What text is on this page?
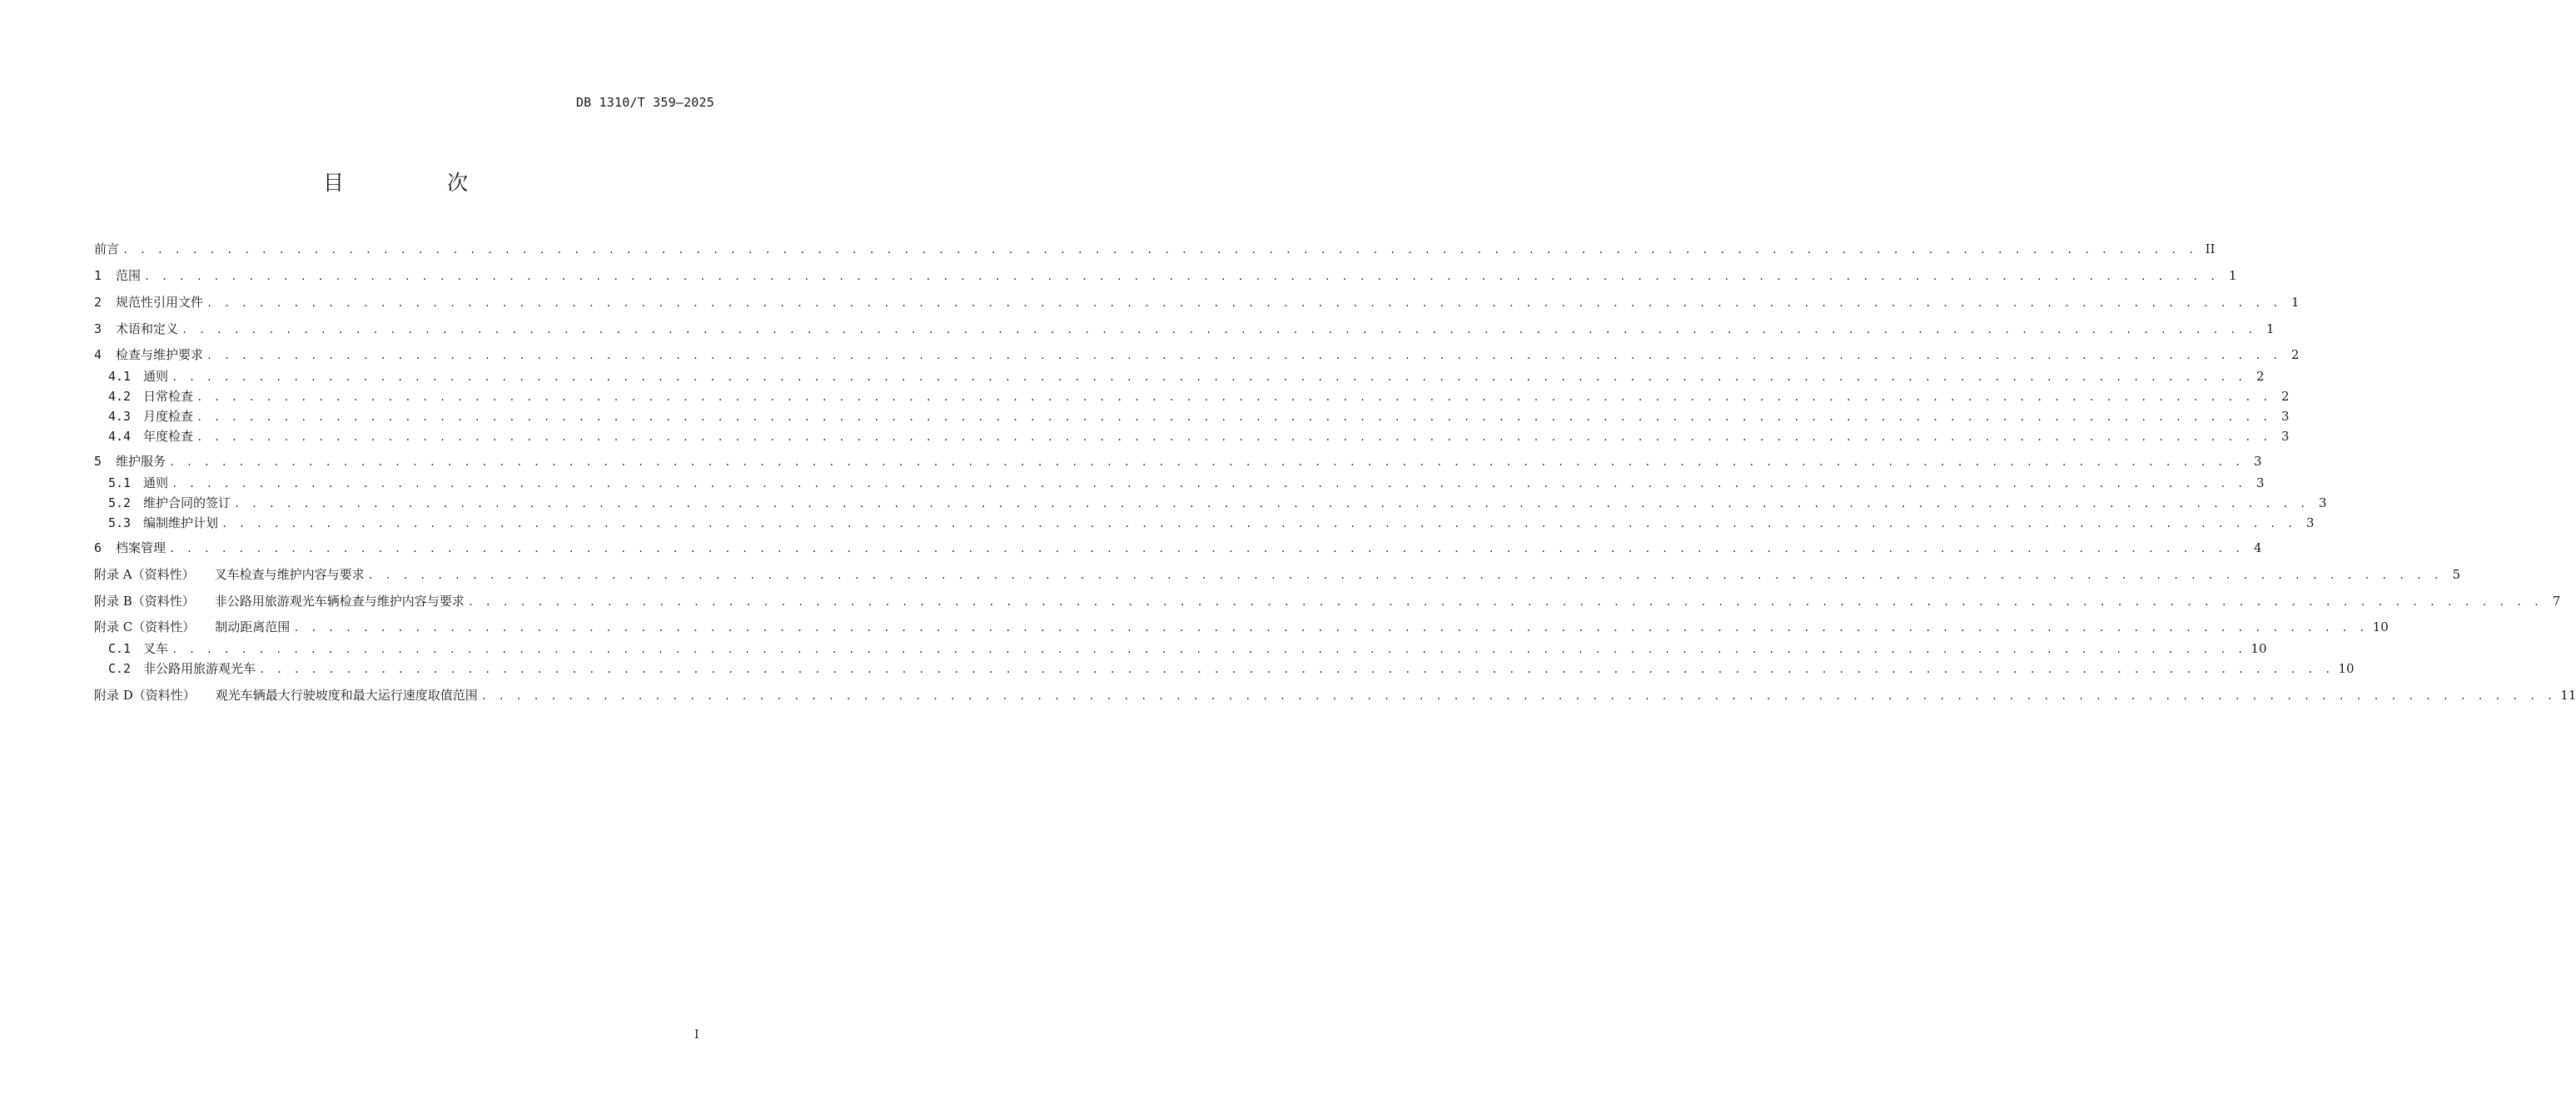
DB 1310/T 359—2025
目 次
前言 . . . . . . . . . . . . . . . . . . . . . . . . . . . . . . . . . . . . . . . . . . . . . . . . . . . . . . . . . . . . . . . . . . . . . . . . . . . . . . . . . . . . . . . . . . . . . . . . . . . . . . . . . . . . . . . . . . . . . . . . II
1	范围 . . . . . . . . . . . . . . . . . . . . . . . . . . . . . . . . . . . . . . . . . . . . . . . . . . . . . . . . . . . . . . . . . . . . . . . . . . . . . . . . . . . . . . . . . . . . . . . . . . . . . . . . . . . . . . . . . . . . . . . . 1
2	规范性引用文件 . . . . . . . . . . . . . . . . . . . . . . . . . . . . . . . . . . . . . . . . . . . . . . . . . . . . . . . . . . . . . . . . . . . . . . . . . . . . . . . . . . . . . . . . . . . . . . . . . . . . . . . . . . . . . . . . . . . . . . . . 1
3	术语和定义 . . . . . . . . . . . . . . . . . . . . . . . . . . . . . . . . . . . . . . . . . . . . . . . . . . . . . . . . . . . . . . . . . . . . . . . . . . . . . . . . . . . . . . . . . . . . . . . . . . . . . . . . . . . . . . . . . . . . . . . . 1
4	检查与维护要求 . . . . . . . . . . . . . . . . . . . . . . . . . . . . . . . . . . . . . . . . . . . . . . . . . . . . . . . . . . . . . . . . . . . . . . . . . . . . . . . . . . . . . . . . . . . . . . . . . . . . . . . . . . . . . . . . . . . . . . . . 2
4.1 通则 . . . . . . . . . . . . . . . . . . . . . . . . . . . . . . . . . . . . . . . . . . . . . . . . . . . . . . . . . . . . . . . . . . . . . . . . . . . . . . . . . . . . . . . . . . . . . . . . . . . . . . . . . . . . . . . . . . . . . . . . 2
4.2 日常检查 . . . . . . . . . . . . . . . . . . . . . . . . . . . . . . . . . . . . . . . . . . . . . . . . . . . . . . . . . . . . . . . . . . . . . . . . . . . . . . . . . . . . . . . . . . . . . . . . . . . . . . . . . . . . . . . . . . . . . . . . 2
4.3 月度检查 . . . . . . . . . . . . . . . . . . . . . . . . . . . . . . . . . . . . . . . . . . . . . . . . . . . . . . . . . . . . . . . . . . . . . . . . . . . . . . . . . . . . . . . . . . . . . . . . . . . . . . . . . . . . . . . . . . . . . . . . 3
4.4 年度检查 . . . . . . . . . . . . . . . . . . . . . . . . . . . . . . . . . . . . . . . . . . . . . . . . . . . . . . . . . . . . . . . . . . . . . . . . . . . . . . . . . . . . . . . . . . . . . . . . . . . . . . . . . . . . . . . . . . . . . . . . 3
5	维护服务 . . . . . . . . . . . . . . . . . . . . . . . . . . . . . . . . . . . . . . . . . . . . . . . . . . . . . . . . . . . . . . . . . . . . . . . . . . . . . . . . . . . . . . . . . . . . . . . . . . . . . . . . . . . . . . . . . . . . . . . . 3
5.1 通则 . . . . . . . . . . . . . . . . . . . . . . . . . . . . . . . . . . . . . . . . . . . . . . . . . . . . . . . . . . . . . . . . . . . . . . . . . . . . . . . . . . . . . . . . . . . . . . . . . . . . . . . . . . . . . . . . . . . . . . . . 3
5.2 维护合同的签订 . . . . . . . . . . . . . . . . . . . . . . . . . . . . . . . . . . . . . . . . . . . . . . . . . . . . . . . . . . . . . . . . . . . . . . . . . . . . . . . . . . . . . . . . . . . . . . . . . . . . . . . . . . . . . . . . . . . . . . . . 3
5.3 编制维护计划 . . . . . . . . . . . . . . . . . . . . . . . . . . . . . . . . . . . . . . . . . . . . . . . . . . . . . . . . . . . . . . . . . . . . . . . . . . . . . . . . . . . . . . . . . . . . . . . . . . . . . . . . . . . . . . . . . . . . . . . . 3
6	档案管理 . . . . . . . . . . . . . . . . . . . . . . . . . . . . . . . . . . . . . . . . . . . . . . . . . . . . . . . . . . . . . . . . . . . . . . . . . . . . . . . . . . . . . . . . . . . . . . . . . . . . . . . . . . . . . . . . . . . . . . . . 4
附录 A（资料性） 叉车检查与维护内容与要求 . . . . . . . . . . . . . . . . . . . . . . . . . . . . . . . . . . . . . . . . . . . . . . . . . . . . . . . . . . . . . . . . . . . . . . . . . . . . . . . . . . . . . . . . . . . . . . . . . . . . . . . . . . . . . . . . . . . . . . . . 5
附录 B（资料性） 非公路用旅游观光车辆检查与维护内容与要求 . . . . . . . . . . . . . . . . . . . . . . . . . . . . . . . . . . . . . . . . . . . . . . . . . . . . . . . . . . . . . . . . . . . . . . . . . . . . . . . . . . . . . . . . . . . . . . . . . . . . . . . . . . . . . . . . . . . . . . . . 7
附录 C（资料性） 制动距离范围 . . . . . . . . . . . . . . . . . . . . . . . . . . . . . . . . . . . . . . . . . . . . . . . . . . . . . . . . . . . . . . . . . . . . . . . . . . . . . . . . . . . . . . . . . . . . . . . . . . . . . . . . . . . . . . . . . . . . . . . . 10
C.1 叉车 . . . . . . . . . . . . . . . . . . . . . . . . . . . . . . . . . . . . . . . . . . . . . . . . . . . . . . . . . . . . . . . . . . . . . . . . . . . . . . . . . . . . . . . . . . . . . . . . . . . . . . . . . . . . . . . . . . . . . . . . 10
C.2 非公路用旅游观光车 . . . . . . . . . . . . . . . . . . . . . . . . . . . . . . . . . . . . . . . . . . . . . . . . . . . . . . . . . . . . . . . . . . . . . . . . . . . . . . . . . . . . . . . . . . . . . . . . . . . . . . . . . . . . . . . . . . . . . . . . 10
附录 D（资料性） 观光车辆最大行驶坡度和最大运行速度取值范围 . . . . . . . . . . . . . . . . . . . . . . . . . . . . . . . . . . . . . . . . . . . . . . . . . . . . . . . . . . . . . . . . . . . . . . . . . . . . . . . . . . . . . . . . . . . . . . . . . . . . . . . . . . . . . . . . . . . . . . . . 11
I
